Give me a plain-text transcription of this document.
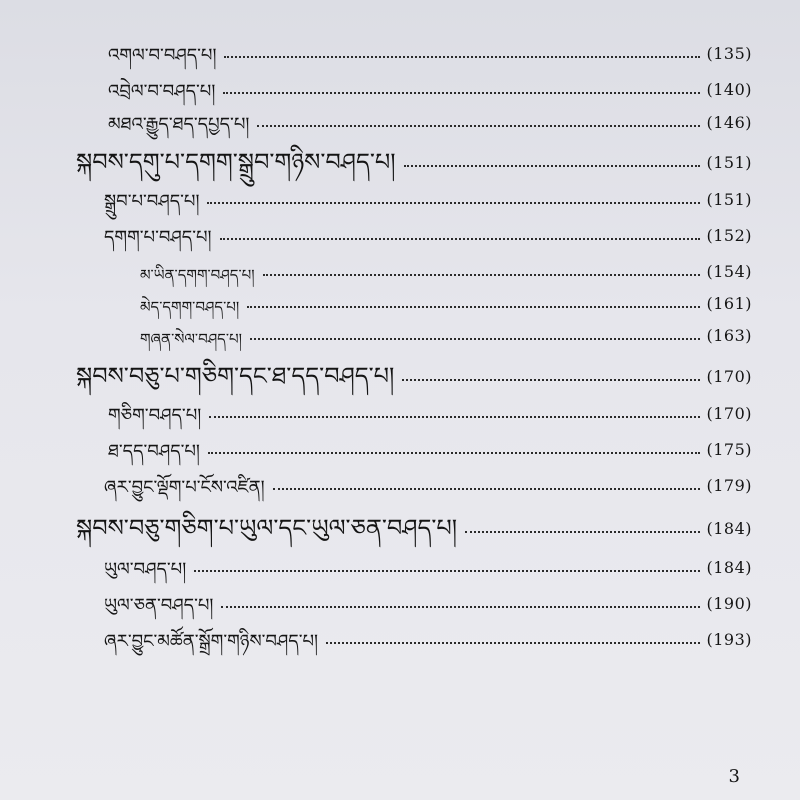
འགལ་བ་བཤད་པ།	(135)
འབྲེལ་བ་བཤད་པ།	(140)
མཐའ་རྒྱུད་ཐད་དཔྱད་པ།	(146)
སྐབས་དགུ་པ་དགག་སྒྲུབ་གཉིས་བཤད་པ།	(151)
སྒྲུབ་པ་བཤད་པ།	(151)
དགག་པ་བཤད་པ།	(152)
མ་ཡིན་དགག་བཤད་པ།	(154)
མེད་དགག་བཤད་པ།	(161)
གཞན་སེལ་བཤད་པ།	(163)
སྐབས་བཅུ་པ་གཅིག་དང་ཐ་དད་བཤད་པ།	(170)
གཅིག་བཤད་པ།	(170)
ཐ་དད་བཤད་པ།	(175)
ཞར་བྱུང་ལྡོག་པ་ངོས་འཛིན།	(179)
སྐབས་བཅུ་གཅིག་པ་ཡུལ་དང་ཡུལ་ཅན་བཤད་པ།	(184)
ཡུལ་བཤད་པ།	(184)
ཡུལ་ཅན་བཤད་པ།	(190)
ཞར་བྱུང་མཚོན་སྒྲོག་གཉིས་བཤད་པ།	(193)
3
